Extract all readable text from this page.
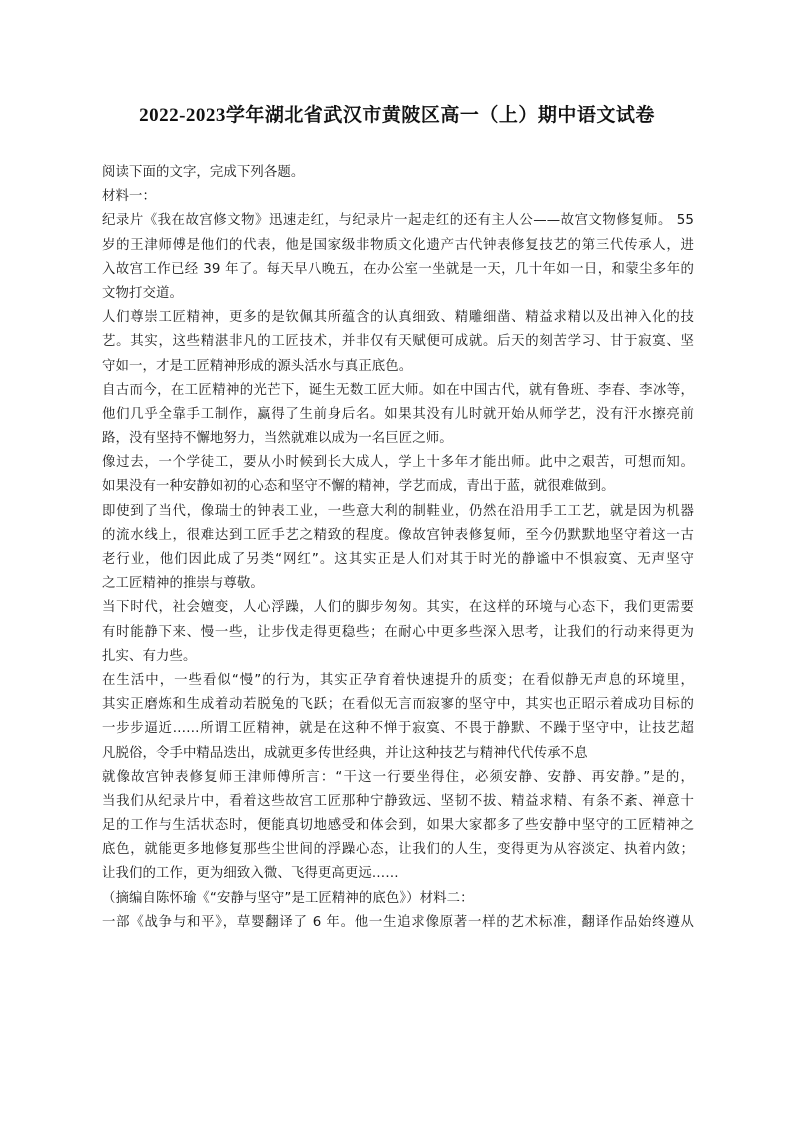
2022-2023学年湖北省武汉市黄陂区高一（上）期中语文试卷
阅读下面的文字，完成下列各题。
材料一：
纪录片《我在故宫修文物》迅速走红，与纪录片一起走红的还有主人公——故宫文物修复师。 55
岁的王津师傅是他们的代表，他是国家级非物质文化遗产古代钟表修复技艺的第三代传承人，进
入故宫工作已经 39 年了。每天早八晚五，在办公室一坐就是一天，几十年如一日，和蒙尘多年的
文物打交道。
人们尊崇工匠精神，更多的是钦佩其所蕴含的认真细致、精雕细凿、精益求精以及出神入化的技
艺。其实，这些精湛非凡的工匠技术，并非仅有天赋便可成就。后天的刻苦学习、甘于寂寞、坚
守如一，才是工匠精神形成的源头活水与真正底色。
自古而今，在工匠精神的光芒下，诞生无数工匠大师。如在中国古代，就有鲁班、李春、李冰等，
他们几乎全靠手工制作，赢得了生前身后名。如果其没有儿时就开始从师学艺，没有汗水擦亮前
路，没有坚持不懈地努力，当然就难以成为一名巨匠之师。
像过去，一个学徒工，要从小时候到长大成人，学上十多年才能出师。此中之艰苦，可想而知。
如果没有一种安静如初的心态和坚守不懈的精神，学艺而成，青出于蓝，就很难做到。
即使到了当代，像瑞士的钟表工业，一些意大利的制鞋业，仍然在沿用手工工艺，就是因为机器
的流水线上，很难达到工匠手艺之精致的程度。像故宫钟表修复师，至今仍默默地坚守着这一古
老行业，他们因此成了另类“网红”。这其实正是人们对其于时光的静谧中不惧寂寞、无声坚守
之工匠精神的推崇与尊敬。
当下时代，社会嬗变，人心浮躁，人们的脚步匆匆。其实，在这样的环境与心态下，我们更需要
有时能静下来、慢一些，让步伐走得更稳些；在耐心中更多些深入思考，让我们的行动来得更为
扎实、有力些。
在生活中，一些看似“慢”的行为，其实正孕育着快速提升的质变；在看似静无声息的环境里，
其实正磨炼和生成着动若脱兔的飞跃；在看似无言而寂寥的坚守中，其实也正昭示着成功目标的
一步步逼近……所谓工匠精神，就是在这种不惮于寂寞、不畏于静默、不躁于坚守中，让技艺超
凡脱俗，令手中精品迭出，成就更多传世经典，并让这种技艺与精神代代传承不息
就像故宫钟表修复师王津师傅所言：“干这一行要坐得住，必须安静、安静、再安静。”是的，
当我们从纪录片中，看着这些故宫工匠那种宁静致远、坚韧不拔、精益求精、有条不紊、禅意十
足的工作与生活状态时，便能真切地感受和体会到，如果大家都多了些安静中坚守的工匠精神之
底色，就能更多地修复那些尘世间的浮躁心态，让我们的人生，变得更为从容淡定、执着内敛；
让我们的工作，更为细致入微、飞得更高更远……
（摘编自陈怀瑜《“安静与坚守”是工匠精神的底色》）材料二：
一部《战争与和平》，草婴翻译了 6 年。他一生追求像原著一样的艺术标准，翻译作品始终遵从
